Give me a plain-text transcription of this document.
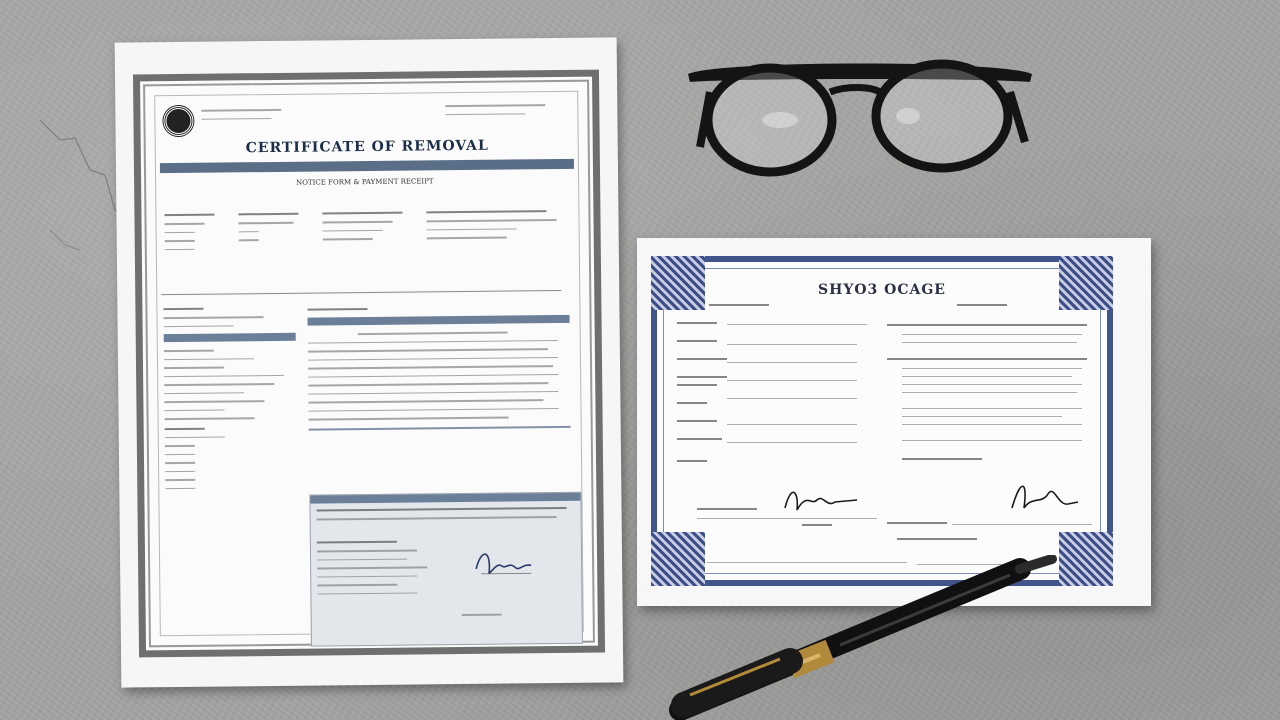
CERTIFICATE OF REMOVAL
NOTICE FORM & PAYMENT RECEIPT
SHYO3 OCAGE
